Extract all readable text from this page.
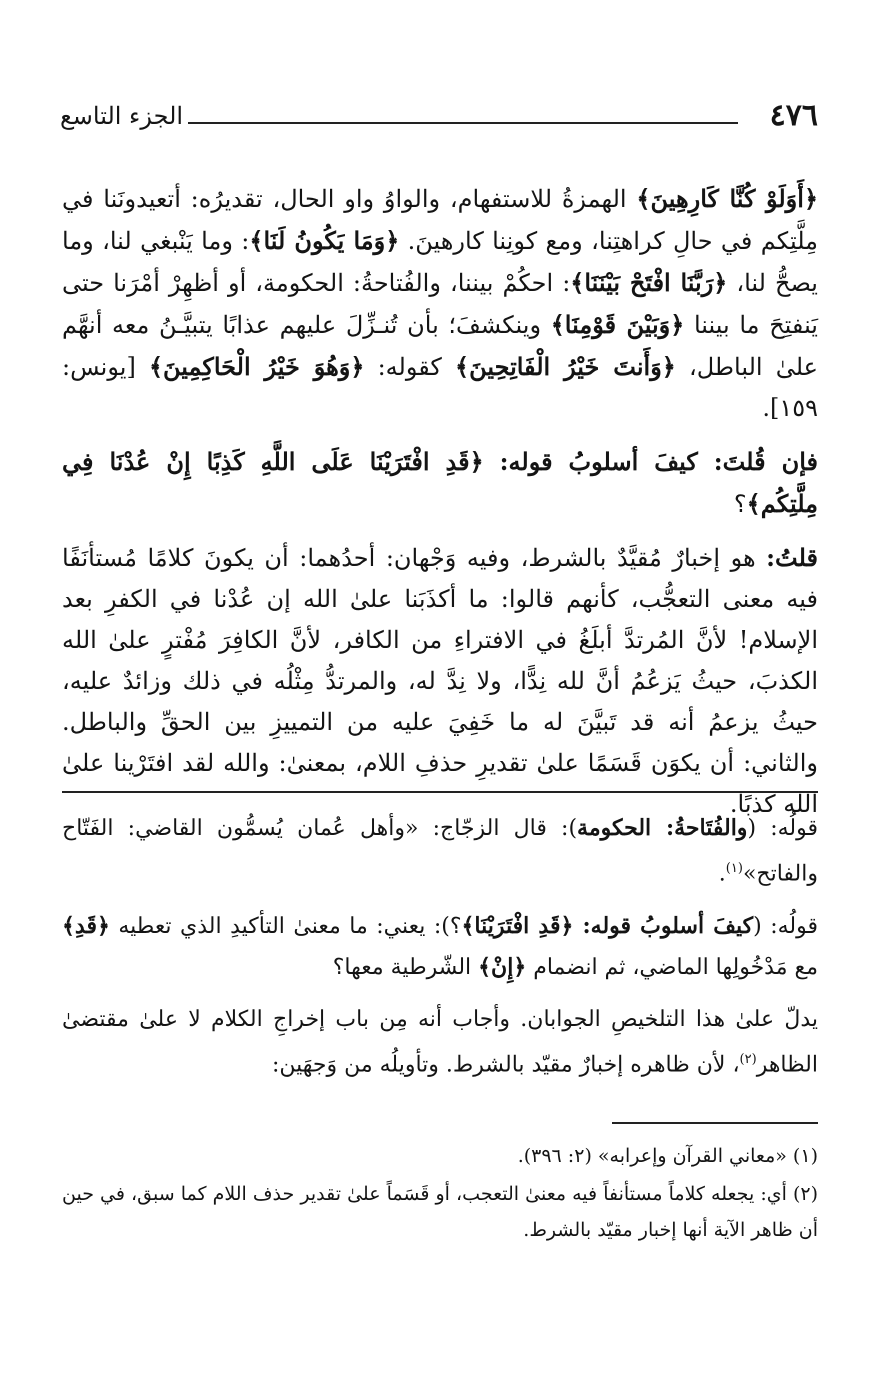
٤٧٦
الجزء التاسع

﴿أَوَلَوْ كُنَّا كَارِهِينَ﴾ الهمزةُ للاستفهام، والواوُ واو الحال، تقديرُه: أتعيدونَنا في مِلَّتِكم في حالِ كراهتِنا، ومع كونِنا كارهينَ. ﴿وَمَا يَكُونُ لَنَا﴾: وما يَنْبغي لنا، وما يصحُّ لنا، ﴿رَبَّنَا افْتَحْ بَيْنَنَا﴾: احكُمْ بيننا، والفُتاحةُ: الحكومة، أو أظهِرْ أمْرَنا حتى يَنفتِحَ ما بيننا ﴿وَبَيْنَ قَوْمِنَا﴾ وينكشفَ؛ بأن تُنـزِّلَ عليهم عذابًا يتبيَّـنُ معه أنهَّم علىٰ الباطل، ﴿وَأَنتَ خَيْرُ الْفَاتِحِينَ﴾ كقوله: ﴿وَهُوَ خَيْرُ الْحَاكِمِينَ﴾ [يونس: ١٥٩].

فإن قُلتَ: كيفَ أسلوبُ قوله: ﴿قَدِ افْتَرَيْنَا عَلَى اللَّهِ كَذِبًا إِنْ عُدْنَا فِي مِلَّتِكُم﴾؟

قلتُ: هو إخبارٌ مُقيَّدٌ بالشرط، وفيه وَجْهان: أحدُهما: أن يكونَ كلامًا مُستأنَفًا فيه معنى التعجُّب، كأنهم قالوا: ما أكذَبَنا علىٰ الله إن عُدْنا في الكفرِ بعد الإسلام! لأنَّ المُرتدَّ أبلَغُ في الافتراءِ من الكافر، لأنَّ الكافِرَ مُفْترٍ علىٰ الله الكذبَ، حيثُ يَزعُمُ أنَّ لله نِدًّا، ولا نِدَّ له، والمرتدُّ مِثْلُه في ذلك وزائدٌ عليه، حيثُ يزعمُ أنه قد تَبيَّنَ له ما خَفِيَ عليه من التمييزِ بين الحقِّ والباطل. والثاني: أن يكوَن قَسَمًا علىٰ تقديرِ حذفِ اللام، بمعنىٰ: والله لقد افتَرْينا علىٰ الله كذبًا.

قولُه: (والفُتَاحةُ: الحكومة): قال الزجّاج: «وأهل عُمان يُسمُّون القاضي: الفَتّاح والفاتح»$^{(١)}$.

قولُه: (كيفَ أسلوبُ قوله: ﴿قَدِ افْتَرَيْنَا﴾؟): يعني: ما معنىٰ التأكيدِ الذي تعطيه ﴿قَدِ﴾ مع مَدْخُولِها الماضي، ثم انضمام ﴿إِنْ﴾ الشّرطية معها؟

يدلّ علىٰ هذا التلخيصِ الجوابان. وأجاب أنه مِن باب إخراجِ الكلام لا علىٰ مقتضىٰ الظاهر$^{(٢)}$، لأن ظاهره إخبارٌ مقيّد بالشرط. وتأويلُه من وَجهَين:

(١) «معاني القرآن وإعرابه» (٢: ٣٩٦).

(٢) أي: يجعله كلاماً مستأنفاً فيه معنىٰ التعجب، أو قَسَماً علىٰ تقدير حذف اللام كما سبق، في حين أن ظاهر الآية أنها إخبار مقيّد بالشرط.
